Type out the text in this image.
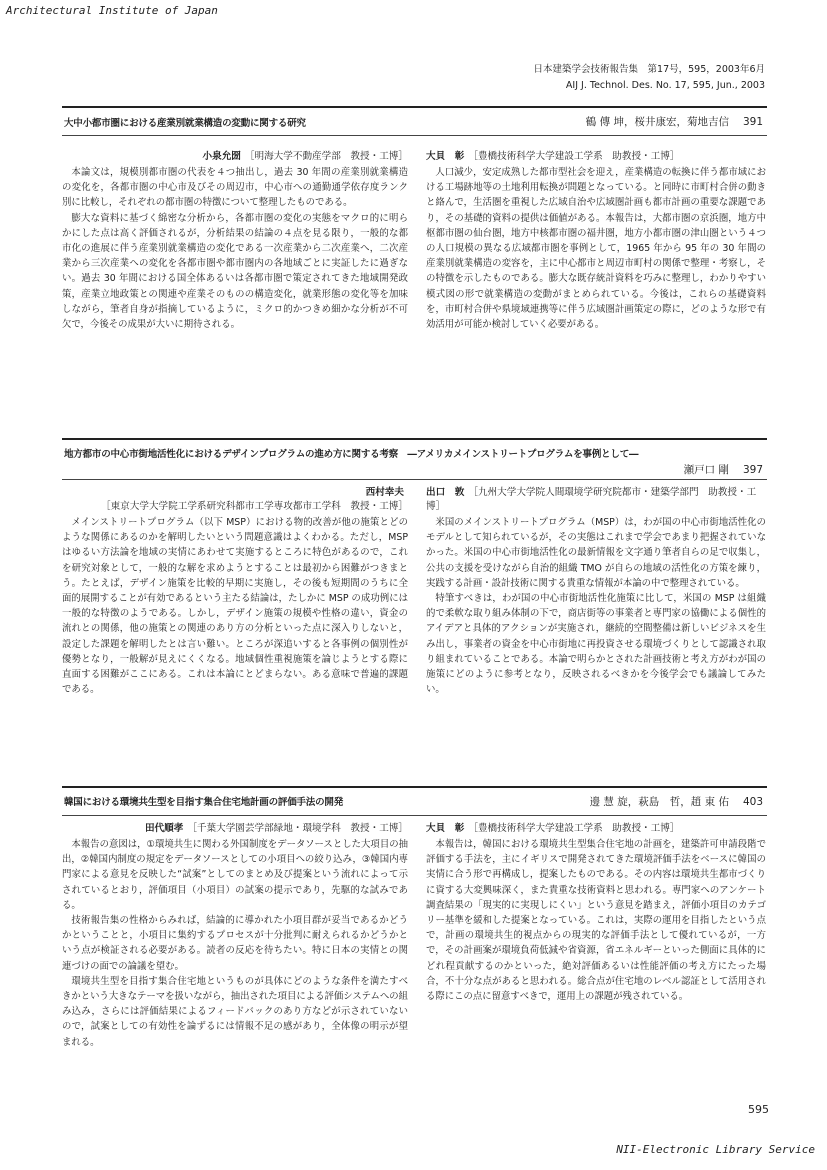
Architectural Institute of Japan
日本建築学会技術報告集　第17号，595，2003年6月
AIJ J. Technol. Des. No. 17, 595, Jun., 2003
大中小都市圏における産業別就業構造の変動に関する研究	鶴 傳 坤，桜井康宏，菊地吉信 391
小泉允圀 ［明海大学不動産学部　教授・工博］

本論文は，規模別都市圏の代表を４つ抽出し，過去 30 年間の産業別就業構造の変化を，各都市圏の中心市及びその周辺市，中心市への通勤通学依存度ランク別に比較し，それぞれの都市圏の特徴について整理したものである。

膨大な資料に基づく綿密な分析から，各都市圏の変化の実態をマクロ的に明らかにした点は高く評価されるが，分析結果の結論の４点を見る限り，一般的な都市化の進展に伴う産業別就業構造の変化である一次産業から二次産業へ，二次産業から三次産業への変化を各都市圏や都市圏内の各地域ごとに実証したに過ぎない。過去 30 年間における国全体あるいは各都市圏で策定されてきた地域開発政策，産業立地政策との関連や産業そのものの構造変化，就業形態の変化等を加味しながら，筆者自身が指摘しているように，ミクロ的かつきめ細かな分析が不可欠で，今後その成果が大いに期待される。

大貝　彰 ［豊橋技術科学大学建設工学系　助教授・工博］

人口減少，安定成熟した都市型社会を迎え，産業構造の転換に伴う都市域における工場跡地等の土地利用転換が問題となっている。と同時に市町村合併の動きと絡んで，生活圏を重視した広域自治や広域圏計画も都市計画の重要な課題であり，その基礎的資料の提供は価値がある。本報告は，大都市圏の京浜圏，地方中枢都市圏の仙台圏，地方中核都市圏の福井圏，地方小都市圏の津山圏という４つの人口規模の異なる広域都市圏を事例として，1965 年から 95 年の 30 年間の産業別就業構造の変容を，主に中心都市と周辺市町村の関係で整理・考察し，その特徴を示したものである。膨大な既存統計資料を巧みに整理し，わかりやすい模式図の形で就業構造の変動がまとめられている。今後は，これらの基礎資料を，市町村合併や県境域連携等に伴う広域圏計画策定の際に，どのような形で有効活用が可能か検討していく必要がある。

地方都市の中心市街地活性化におけるデザインプログラムの進め方に関する考察　―アメリカメインストリートプログラムを事例として―
瀬戸口 剛 397
西村幸夫［東京大学大学院工学系研究科都市工学専攻都市工学科　教授・工博］

メインストリートプログラム（以下 MSP）における物的改善が他の施策とどのような関係にあるのかを解明したいという問題意識はよくわかる。ただし，MSP はゆるい方法論を地域の実情にあわせて実施するところに特色があるので，これを研究対象として，一般的な解を求めようとすることは最初から困難がつきまとう。たとえば，デザイン施策を比較的早期に実施し，その後も短期間のうちに全面的展開することが有効であるという主たる結論は，たしかに MSP の成功例には一般的な特徴のようである。しかし，デザイン施策の規模や性格の違い，資金の流れとの関係，他の施策との関連のあり方の分析といった点に深入りしないと，設定した課題を解明したとは言い難い。ところが深追いすると各事例の個別性が優勢となり，一般解が見えにくくなる。地域個性重視施策を論じようとする際に直面する困難がここにある。これは本論にとどまらない。ある意味で普遍的課題である。

出口　敦 ［九州大学大学院人間環境学研究院都市・建築学部門　助教授・工博］

米国のメインストリートプログラム（MSP）は，わが国の中心市街地活性化のモデルとして知られているが，その実態はこれまで学会であまり把握されていなかった。米国の中心市街地活性化の最新情報を文字通り筆者自らの足で収集し，公共の支援を受けながら自治的組織 TMO が自らの地域の活性化の方策を練り，実践する計画・設計技術に関する貴重な情報が本論の中で整理されている。

特筆すべきは，わが国の中心市街地活性化施策に比して，米国の MSP は組織的で柔軟な取り組み体制の下で，商店街等の事業者と専門家の協働による個性的アイデアと具体的アクションが実施され，継続的空間整備は新しいビジネスを生み出し，事業者の資金を中心市街地に再投資させる環境づくりとして認識され取り組まれていることである。本論で明らかとされた計画技術と考え方がわが国の施策にどのように参考となり，反映されるべきかを今後学会でも議論してみたい。

韓国における環境共生型を目指す集合住宅地計画の評価手法の開発	邊 慧 旋，萩島　哲，趙 東 佑 403
田代順孝 ［千葉大学園芸学部緑地・環境学科　教授・工博］

本報告の意図は，①環境共生に関わる外国制度をデータソースとした大項目の抽出，②韓国内制度の規定をデータソースとしての小項目への絞り込み，③韓国内専門家による意見を反映した“試案”としてのまとめ及び提案という流れによって示されているとおり，評価項目（小項目）の試案の提示であり，先駆的な試みである。

技術報告集の性格からみれば，結論的に導かれた小項目群が妥当であるかどうかということと，小項目に集約するプロセスが十分批判に耐えられるかどうかという点が検証される必要がある。読者の反応を待ちたい。特に日本の実情との関連づけの面での論議を望む。

環境共生型を目指す集合住宅地というものが具体にどのような条件を満たすべきかという大きなテーマを扱いながら，抽出された項目による評価システムへの組み込み，さらには評価結果によるフィードバックのあり方などが示されていないので，試案としての有効性を論ずるには情報不足の感があり，全体像の明示が望まれる。

大貝　彰 ［豊橋技術科学大学建設工学系　助教授・工博］

本報告は，韓国における環境共生型集合住宅地の計画を，建築許可申請段階で評価する手法を，主にイギリスで開発されてきた環境評価手法をベースに韓国の実情に合う形で再構成し，提案したものである。その内容は環境共生都市づくりに資する大変興味深く，また貴重な技術資料と思われる。専門家へのアンケート調査結果の「現実的に実現しにくい」という意見を踏まえ，評価小項目のカテゴリー基準を緩和した提案となっている。これは，実際の運用を目指したという点で，計画の環境共生的視点からの現実的な評価手法として優れているが，一方で，その計画案が環境負荷低減や省資源，省エネルギーといった側面に具体的にどれ程貢献するのかといった，絶対評価あるいは性能評価の考え方にたった場合，不十分な点があると思われる。総合点が住宅地のレベル認証として活用される際にこの点に留意すべきで，運用上の課題が残されている。

595
NII-Electronic Library Service
